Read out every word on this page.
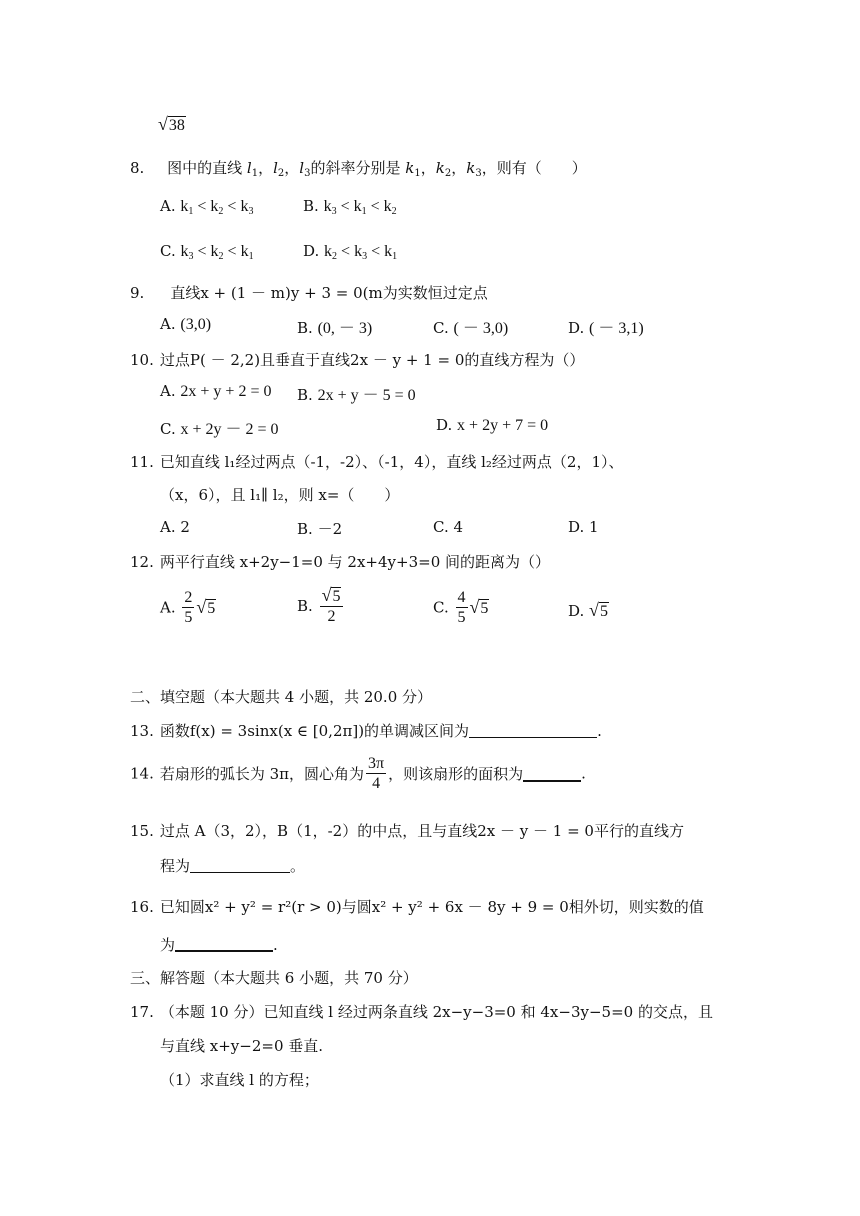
√38
8. 图中的直线 $l_1$，$l_2$，$l_3$的斜率分别是 $k_1$，$k_2$，$k_3$，则有（　　）
A. $k_1 < k_2 < k_3$	B. $k_3 < k_1 < k_2$
C. $k_3 < k_2 < k_1$	D. $k_2 < k_3 < k_1$
9. 直线x + (1 － m)y + 3 = 0(m为实数恒过定点
A. (3,0)	B. (0, － 3)	C. ( － 3,0)	D. ( － 3,1)
10. 过点P( － 2,2)且垂直于直线2x － y + 1 = 0的直线方程为（）
A. 2x + y + 2 = 0 B. 2x + y － 5 = 0
C. x + 2y － 2 = 0	D. x + 2y + 7 = 0
11. 已知直线 l₁经过两点（-1，-2）、（-1，4），直线 l₂经过两点（2，1）、
（x，6），且 l₁∥ l₂，则 x=（　　）
A. 2	B. －2	C. 4	D. 1
12. 两平行直线 x+2y−1=0 与 2x+4y+3=0 间的距离为（）
A. $\frac{2}{5} √5$	B. $\frac{√5}{2}$	C. $\frac{4}{5} √5$	D. √5
二、填空题（本大题共 4 小题，共 20.0 分）
13. 函数f(x) = 3sinx(x ∈ [0,2π])的单调减区间为	.
14. 若扇形的弧长为 3π，圆心角为 $\frac{3\pi}{4}$ ，则该扇形的面积为	.
15. 过点 A（3，2），B（1，-2）的中点，且与直线2x － y － 1 = 0平行的直线方
程为	。
16. 已知圆x² + y² = r²(r > 0)与圆x² + y² + 6x － 8y + 9 = 0相外切，则实数的值
为	.
三、解答题（本大题共 6 小题，共 70 分）
17. （本题 10 分）已知直线 l 经过两条直线 2x−y−3=0 和 4x−3y−5=0 的交点，且
与直线 x+y−2=0 垂直.
（1）求直线 l 的方程；
